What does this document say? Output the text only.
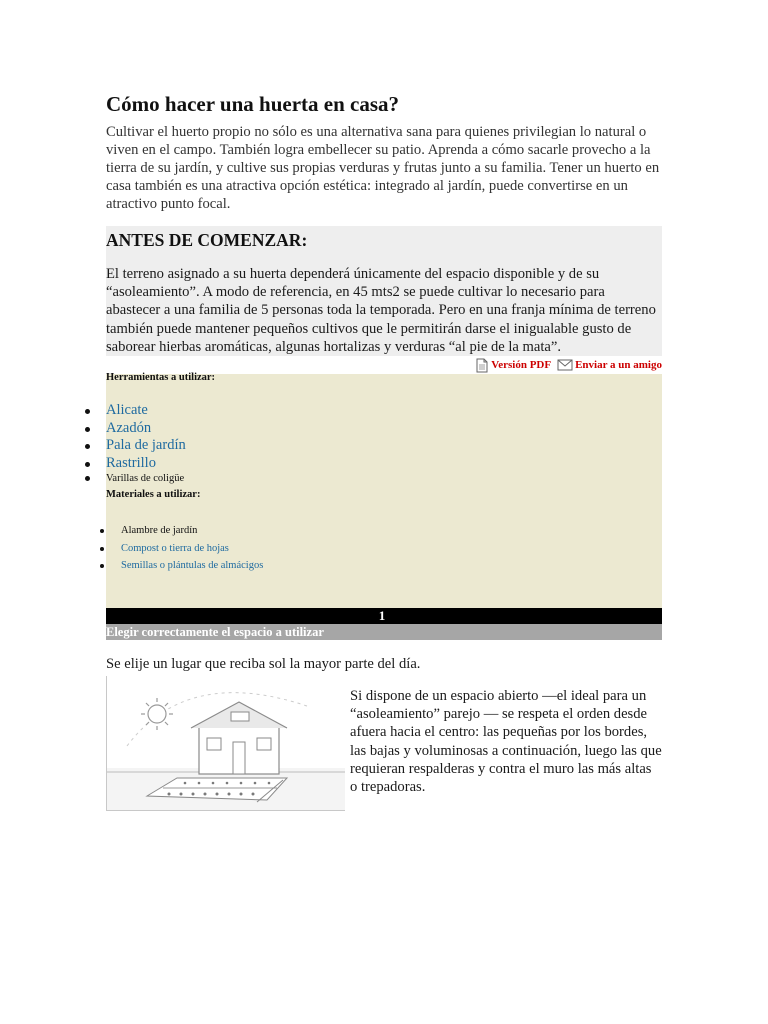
Cómo hacer una huerta en casa?
Cultivar el huerto propio no sólo es una alternativa sana para quienes privilegian lo natural o viven en el campo. También logra embellecer su patio. Aprenda a cómo sacarle provecho a la tierra de su jardín, y cultive sus propias verduras y frutas junto a su familia. Tener un huerto en casa también es una atractiva opción estética: integrado al jardín, puede convertirse en un atractivo punto focal.
ANTES DE COMENZAR:

El terreno asignado a su huerta dependerá únicamente del espacio disponible y de su “asoleamiento”. A modo de referencia, en 45 mts2 se puede cultivar lo necesario para abastecer a una familia de 5 personas toda la temporada. Pero en una franja mínima de terreno también puede mantener pequeños cultivos que le permitirán darse el inigualable gusto de saborear hierbas aromáticas, algunas hortalizas y verduras “al pie de la mata”.

Versión PDF Enviar a un amigo
Herramientas a utilizar:
Alicate
Azadón
Pala de jardín
Rastrillo
Varillas de coligüe
Materiales a utilizar:
Alambre de jardín
Compost o tierra de hojas
Semillas o plántulas de almácigos
1
Elegir correctamente el espacio a utilizar
Se elije un lugar que reciba sol la mayor parte del día.
Si dispone de un espacio abierto —el ideal para un “asoleamiento” parejo — se respeta el orden desde afuera hacia el centro: las pequeñas por los bordes, las bajas y voluminosas a continuación, luego las que requieran respalderas y contra el muro las más altas o trepadoras.
